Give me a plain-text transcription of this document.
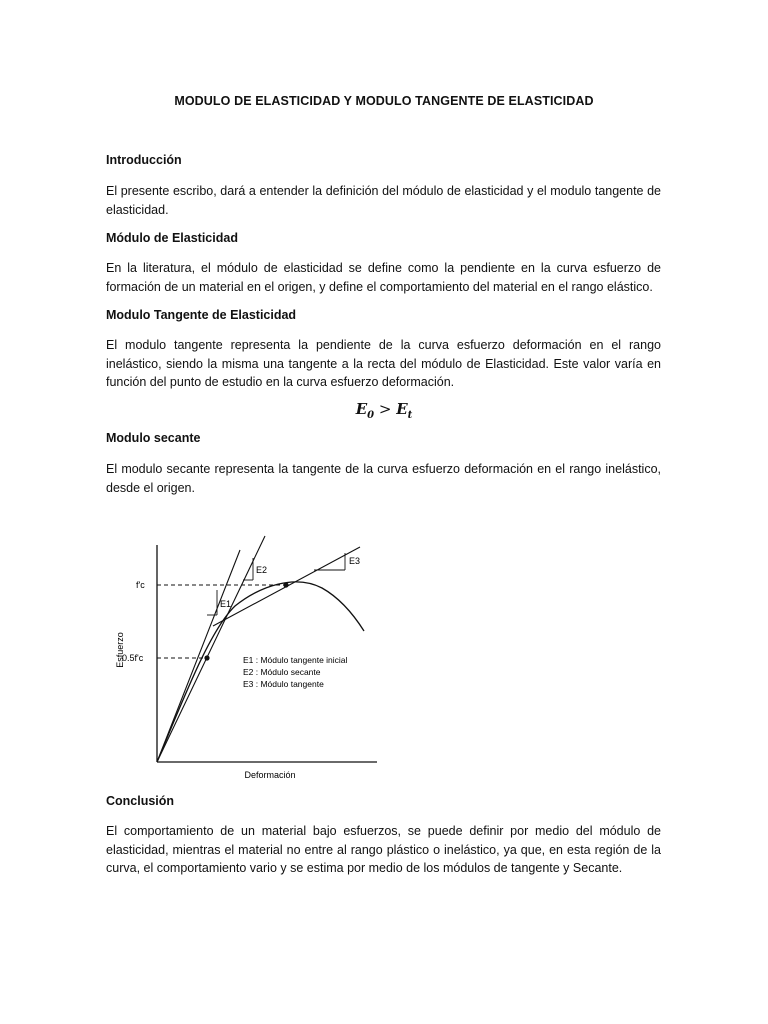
MODULO DE ELASTICIDAD Y MODULO TANGENTE DE ELASTICIDAD
Introducción
El presente escribo, dará a entender la definición del módulo de elasticidad y el modulo tangente de elasticidad.
Módulo de Elasticidad
En la literatura, el módulo de elasticidad se define como la pendiente en la curva esfuerzo de formación de un material en el origen, y define el comportamiento del material en el rango elástico.
Modulo Tangente de Elasticidad
El modulo tangente representa la pendiente de la curva esfuerzo deformación en el rango inelástico, siendo la misma una tangente a la recta del módulo de Elasticidad. Este valor varía en función del punto de estudio en la curva esfuerzo deformación.
$E_0 > E_t$
Modulo secante
El modulo secante representa la tangente de la curva esfuerzo deformación en el rango inelástico, desde el origen.
E1
E2
E3
f'c
0.5f'c
Esfuerzo
Deformación
E1 : Módulo tangente inicial
E2 : Módulo secante
E3 : Módulo tangente
Conclusión
El comportamiento de un material bajo esfuerzos, se puede definir por medio del módulo de elasticidad, mientras el material no entre al rango plástico o inelástico, ya que, en esta región de la curva, el comportamiento vario y se estima por medio de los módulos de tangente y Secante.
